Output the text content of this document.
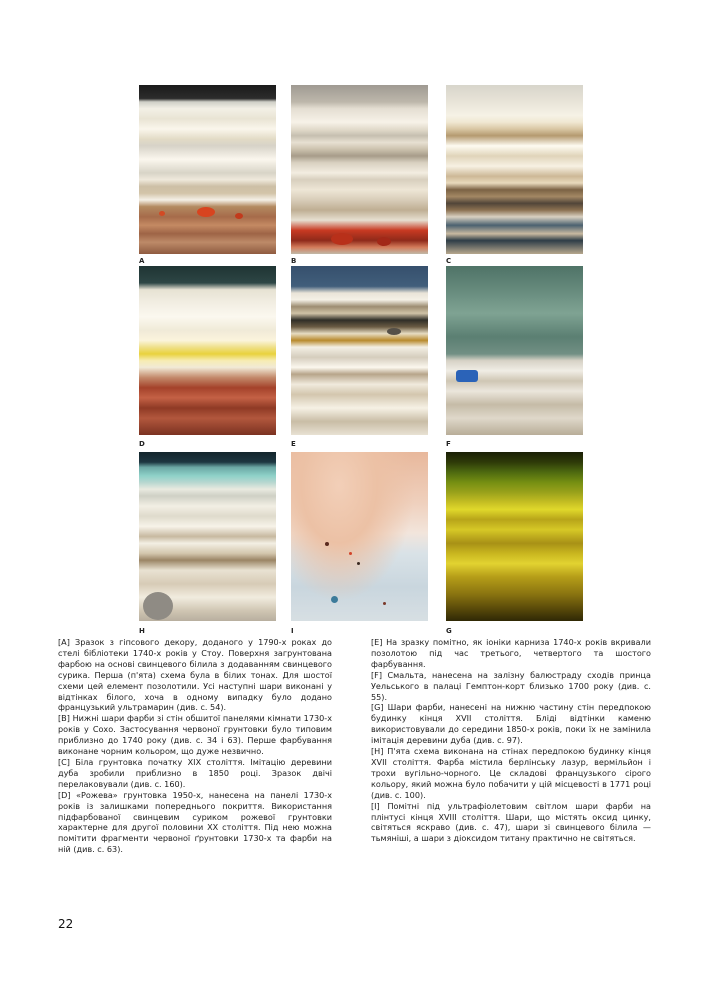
A	B	C
D	E	F
H	I	G

[A] Зразок з гіпсового декору, доданого у 1790-х роках до стелі бібліотеки 1740-х років у Стоу. Поверхня загрунтована фарбою на основі свинцевого білила з додаванням свинцевого сурика. Перша (п'ята) схема була в білих тонах. Для шостої схеми цей елемент позолотили. Усі наступні шари виконані у відтінках білого, хоча в одному випадку було додано французький ультрамарин (див. с. 54).

[B] Нижні шари фарби зі стін обшитої панелями кімнати 1730-х років у Сохо. Застосування червоної грунтовки було типовим приблизно до 1740 року (див. с. 34 і 63). Перше фарбування виконане чорним кольором, що дуже незвично.

[C] Біла грунтовка початку XIX століття. Імітацію деревини дуба зробили приблизно в 1850 році. Зразок двічі перелаковували (див. с. 160).

[D] «Рожева» грунтовка 1950-х, нанесена на панелі 1730-х років із залишками попереднього покриття. Використання підфарбованої свинцевим суриком рожевої грунтовки характерне для другої половини XX століття. Під нею можна помітити фрагменти червоної ґрунтовки 1730-х та фарби на ній (див. с. 63).

[E] На зразку помітно, як іоніки карниза 1740-х років вкривали позолотою під час третього, четвертого та шостого фарбування.

[F] Смальта, нанесена на залізну балюстраду сходів принца Уельського в палаці Гемптон-корт близько 1700 року (див. с. 55).

[G] Шари фарби, нанесені на нижню частину стін передпокою будинку кінця XVII століття. Бліді відтінки каменю використовували до середини 1850-х років, поки їх не замінила імітація деревини дуба (див. с. 97).

[H] П'ята схема виконана на стінах передпокою будинку кінця XVII століття. Фарба містила берлінську лазур, вермільйон і трохи вугільно-чорного. Це складові французького сірого кольору, який можна було побачити у цій місцевості в 1771 році (див. с. 100).

[I] Помітні під ультрафіолетовим світлом шари фарби на плінтусі кінця XVIII століття. Шари, що містять оксид цинку, світяться яскраво (див. с. 47), шари зі свинцевого білила — тьмяніші, а шари з діоксидом титану практично не світяться.

22
